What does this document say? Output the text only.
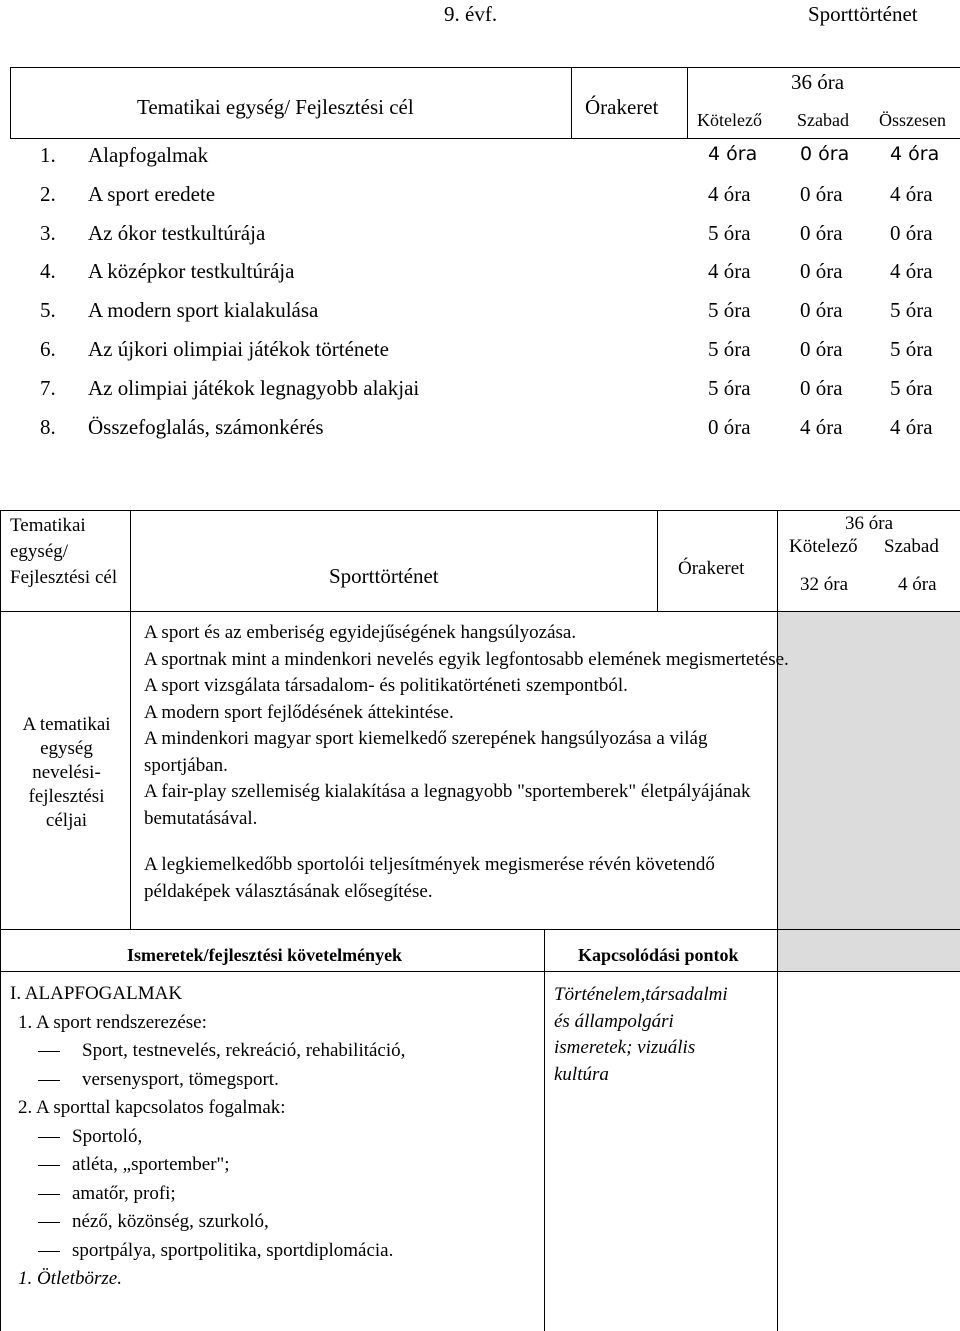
9. évf.	Sporttörténet
Tematikai egység/ Fejlesztési cél	Órakeret
36 óra
Kötelező Szabad Összesen
1. Alapfogalmak	4 óra 0 óra 4 óra
2. A sport eredete	4 óra 0 óra 4 óra
3. Az ókor testkultúrája	5 óra 0 óra 0 óra
4. A középkor testkultúrája	4 óra 0 óra 4 óra
5. A modern sport kialakulása	5 óra 0 óra 5 óra
6. Az újkori olimpiai játékok története	5 óra 0 óra 5 óra
7. Az olimpiai játékok legnagyobb alakjai	5 óra 0 óra 5 óra
8. Összefoglalás, számonkérés	0 óra 4 óra 4 óra
Tematikai
egység/
Fejlesztési cél	Sporttörténet	Órakeret
36 óra
Kötelező Szabad
32 óra	4 óra
A tematikai
egység
nevelési-
fejlesztési
céljai

A sport és az emberiség egyidejűségének hangsúlyozása.

A sportnak mint a mindenkori nevelés egyik legfontosabb elemének megismertetése.

A sport vizsgálata társadalom- és politikatörténeti szempontból.

A modern sport fejlődésének áttekintése.

A mindenkori magyar sport kiemelkedő szerepének hangsúlyozása a világ sportjában.

A fair-play szellemiség kialakítása a legnagyobb "sportemberek" életpályájának bemutatásával.

A legkiemelkedőbb sportolói teljesítmények megismerése révén követendő példaképek választásának elősegítése.

Ismeretek/fejlesztési követelmények	Kapcsolódási pontok

I. ALAPFOGALMAK

1. A sport rendszerezése:

Sport, testnevelés, rekreáció, rehabilitáció,

versenysport, tömegsport.

2. A sporttal kapcsolatos fogalmak:

Sportoló,

atléta, „sportember";

amatőr, profi;

néző, közönség, szurkoló,

sportpálya, sportpolitika, sportdiplomácia.

1. Ötletbörze.

Történelem,társadalmi
és állampolgári
ismeretek; vizuális
kultúra
